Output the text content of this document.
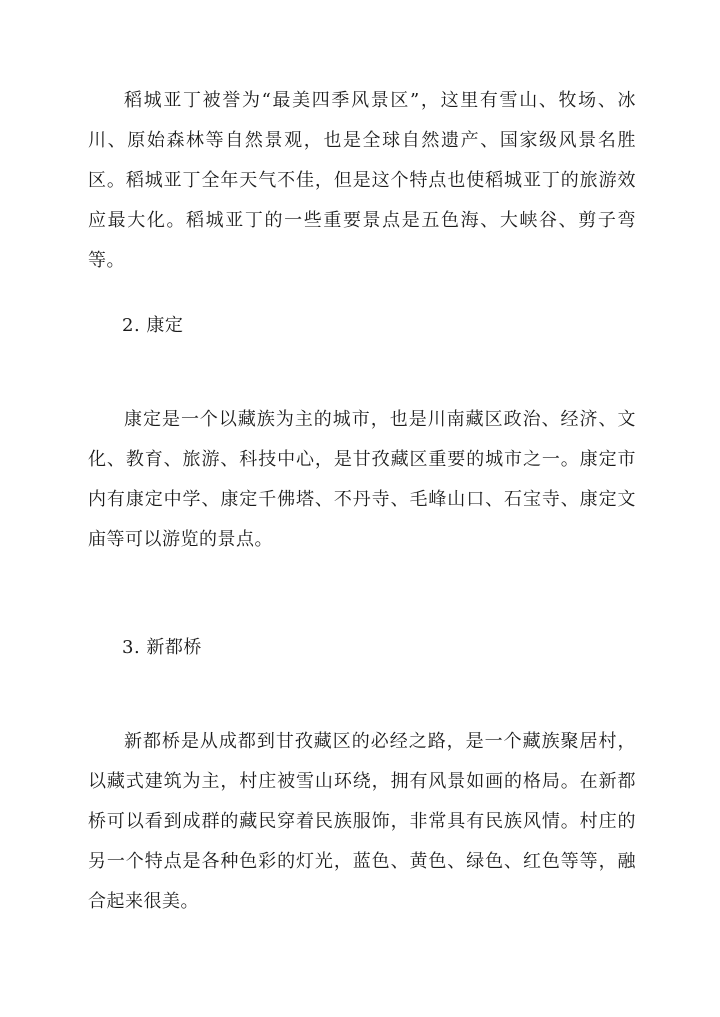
稻城亚丁被誉为“最美四季风景区”，这里有雪山、牧场、冰川、原始森林等自然景观，也是全球自然遗产、国家级风景名胜区。稻城亚丁全年天气不佳，但是这个特点也使稻城亚丁的旅游效应最大化。稻城亚丁的一些重要景点是五色海、大峡谷、剪子弯等。

2. 康定

康定是一个以藏族为主的城市，也是川南藏区政治、经济、文化、教育、旅游、科技中心，是甘孜藏区重要的城市之一。康定市内有康定中学、康定千佛塔、不丹寺、毛峰山口、石宝寺、康定文庙等可以游览的景点。

3. 新都桥

新都桥是从成都到甘孜藏区的必经之路，是一个藏族聚居村，以藏式建筑为主，村庄被雪山环绕，拥有风景如画的格局。在新都桥可以看到成群的藏民穿着民族服饰，非常具有民族风情。村庄的另一个特点是各种色彩的灯光，蓝色、黄色、绿色、红色等等，融合起来很美。
